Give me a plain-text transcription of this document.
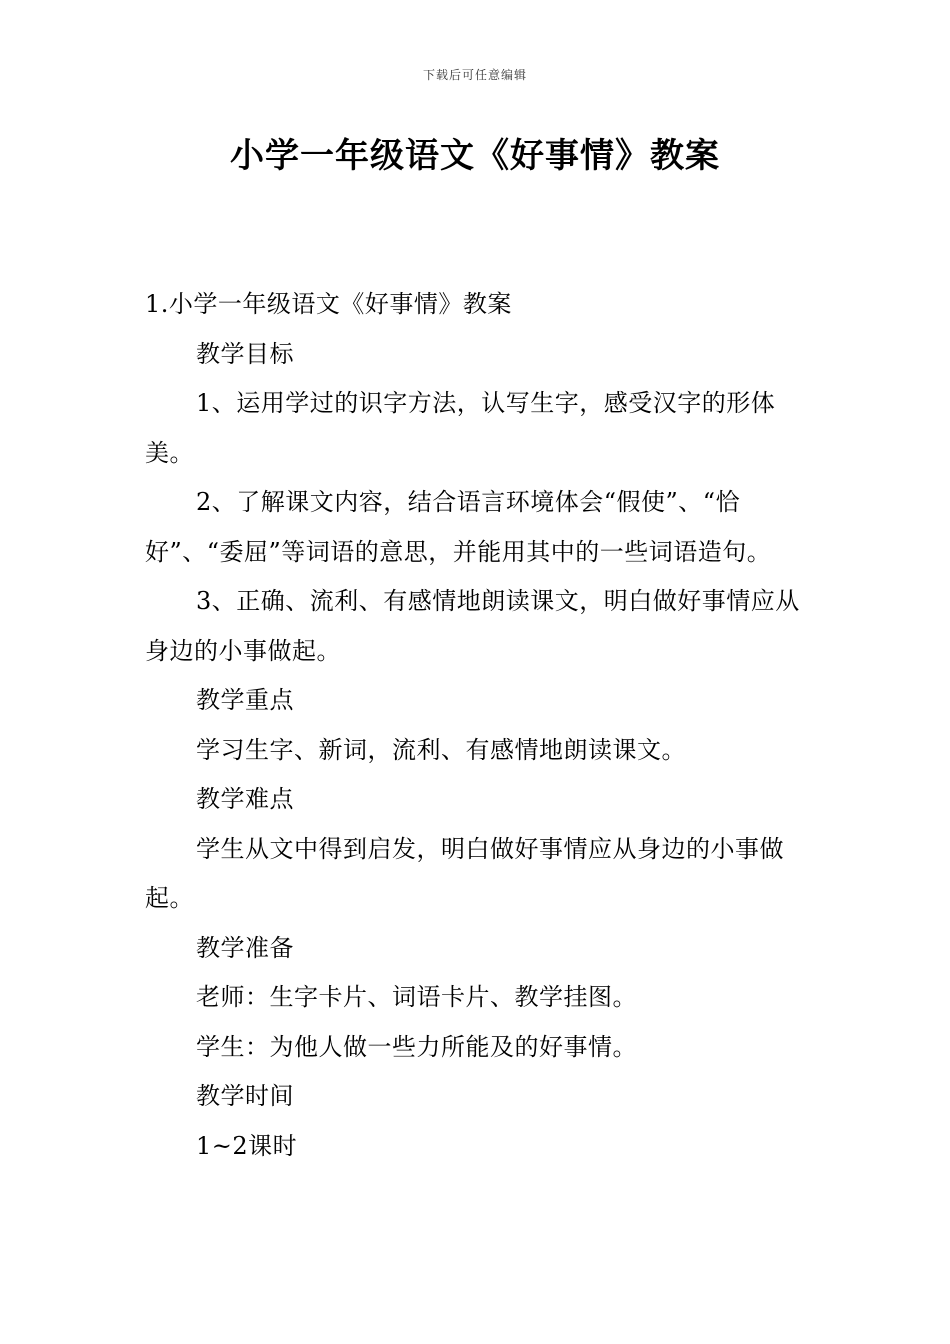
下载后可任意编辑
小学一年级语文《好事情》教案

1.小学一年级语文《好事情》教案

教学目标

1、运用学过的识字方法，认写生字，感受汉字的形体美。

2、了解课文内容，结合语言环境体会“假使”、“恰好”、“委屈”等词语的意思，并能用其中的一些词语造句。

3、正确、流利、有感情地朗读课文，明白做好事情应从身边的小事做起。

教学重点

学习生字、新词，流利、有感情地朗读课文。

教学难点

学生从文中得到启发，明白做好事情应从身边的小事做起。

教学准备

老师：生字卡片、词语卡片、教学挂图。

学生：为他人做一些力所能及的好事情。

教学时间

1~2课时
